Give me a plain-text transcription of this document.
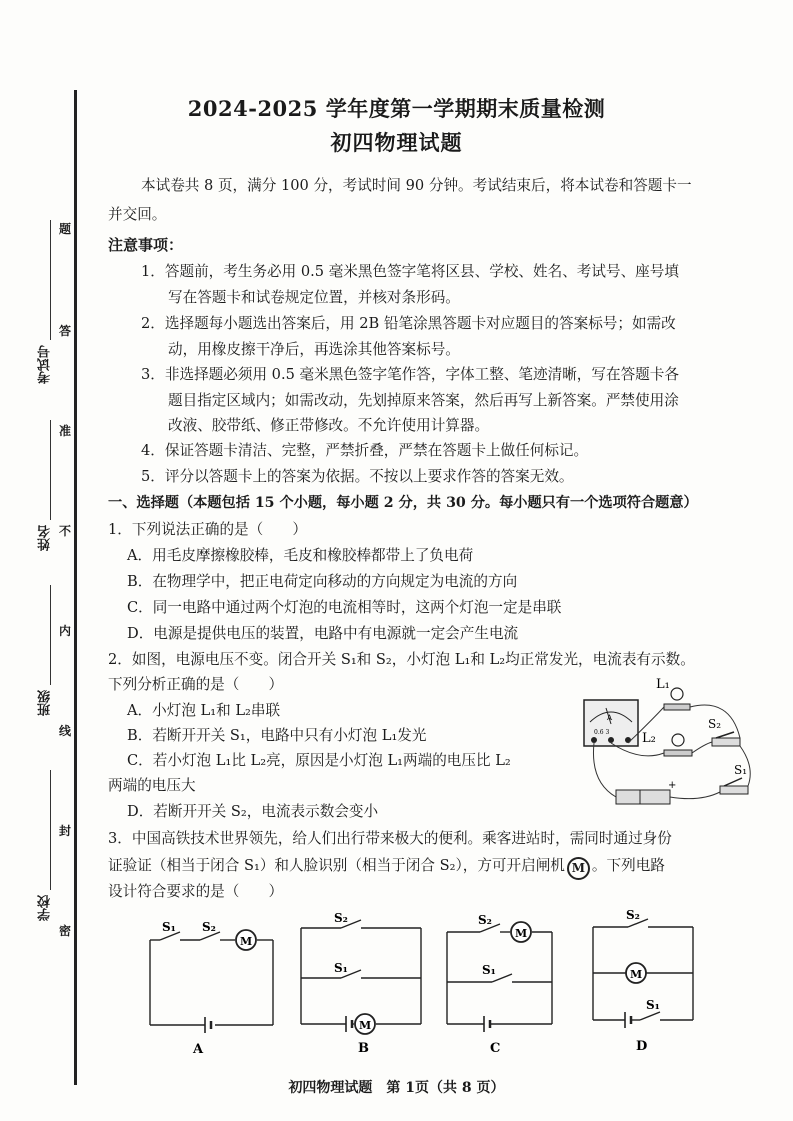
考试号
姓名
班级
学校
题
答
准
不
内
线
封
密
2024-2025 学年度第一学期期末质量检测
初四物理试题
本试卷共 8 页，满分 100 分，考试时间 90 分钟。考试结束后，将本试卷和答题卡一
并交回。
注意事项：
1．答题前，考生务必用 0.5 毫米黑色签字笔将区县、学校、姓名、考试号、座号填
写在答题卡和试卷规定位置，并核对条形码。
2．选择题每小题选出答案后，用 2B 铅笔涂黑答题卡对应题目的答案标号；如需改
动，用橡皮擦干净后，再选涂其他答案标号。
3．非选择题必须用 0.5 毫米黑色签字笔作答，字体工整、笔迹清晰，写在答题卡各
题目指定区域内；如需改动，先划掉原来答案，然后再写上新答案。严禁使用涂
改液、胶带纸、修正带修改。不允许使用计算器。
4．保证答题卡清洁、完整，严禁折叠，严禁在答题卡上做任何标记。
5．评分以答题卡上的答案为依据。不按以上要求作答的答案无效。
一、选择题（本题包括 15 个小题，每小题 2 分，共 30 分。每小题只有一个选项符合题意）
1．下列说法正确的是（　　）
A．用毛皮摩擦橡胶棒，毛皮和橡胶棒都带上了负电荷
B．在物理学中，把正电荷定向移动的方向规定为电流的方向
C．同一电路中通过两个灯泡的电流相等时，这两个灯泡一定是串联
D．电源是提供电压的装置，电路中有电源就一定会产生电流
2．如图，电源电压不变。闭合开关 S₁和 S₂，小灯泡 L₁和 L₂均正常发光，电流表有示数。
下列分析正确的是（　　）
A．小灯泡 L₁和 L₂串联
B．若断开开关 S₁，电路中只有小灯泡 L₁发光
C．若小灯泡 L₁比 L₂亮，原因是小灯泡 L₁两端的电压比 L₂
两端的电压大
D．若断开开关 S₂，电流表示数会变小
A
0.6 3
L₁
L₂
S₂
S₁
+
3．中国高铁技术世界领先，给人们出行带来极大的便利。乘客进站时，需同时通过身份
证验证（相当于闭合 S₁）和人脸识别（相当于闭合 S₂），方可开启闸机 M 。下列电路
设计符合要求的是（　　）
M
S₁ S₂
A
M
S₂
S₁
B
M
S₂
S₁
C
M
S₂
S₁
D
初四物理试题　第 1页（共 8 页）
